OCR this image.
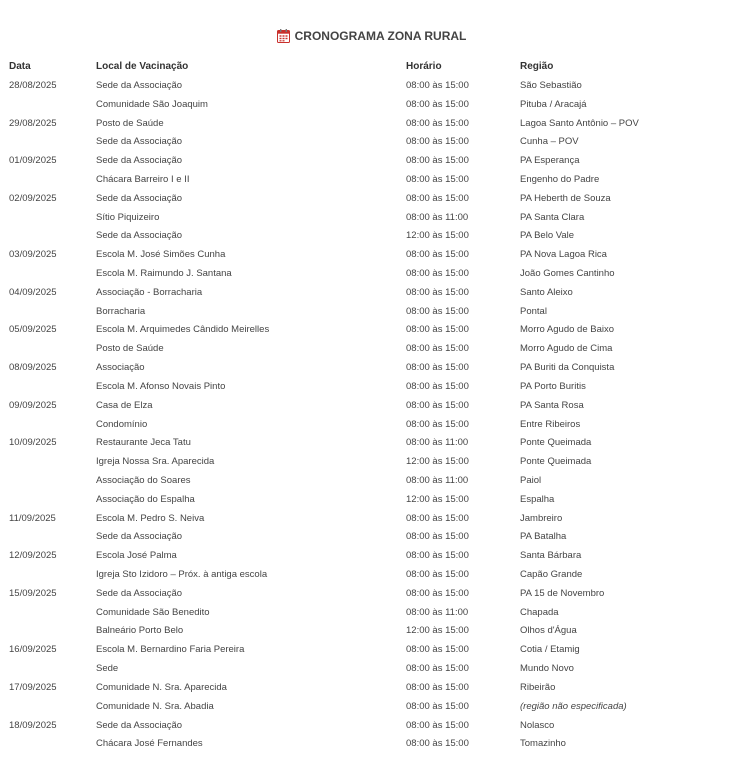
CRONOGRAMA ZONA RURAL
Data	Local de Vacinação	Horário	Região
28/08/2025	Sede da Associação	08:00 às 15:00	São Sebastião
	Comunidade São Joaquim	08:00 às 15:00	Pituba / Aracajá
29/08/2025	Posto de Saúde	08:00 às 15:00	Lagoa Santo Antônio – POV
	Sede da Associação	08:00 às 15:00	Cunha – POV
01/09/2025	Sede da Associação	08:00 às 15:00	PA Esperança
	Chácara Barreiro I e II	08:00 às 15:00	Engenho do Padre
02/09/2025	Sede da Associação	08:00 às 15:00	PA Heberth de Souza
	Sítio Piquizeiro	08:00 às 11:00	PA Santa Clara
	Sede da Associação	12:00 às 15:00	PA Belo Vale
03/09/2025	Escola M. José Simões Cunha	08:00 às 15:00	PA Nova Lagoa Rica
	Escola M. Raimundo J. Santana	08:00 às 15:00	João Gomes Cantinho
04/09/2025	Associação - Borracharia	08:00 às 15:00	Santo Aleixo
	Borracharia	08:00 às 15:00	Pontal
05/09/2025	Escola M. Arquimedes Cândido Meirelles	08:00 às 15:00	Morro Agudo de Baixo
	Posto de Saúde	08:00 às 15:00	Morro Agudo de Cima
08/09/2025	Associação	08:00 às 15:00	PA Buriti da Conquista
	Escola M. Afonso Novais Pinto	08:00 às 15:00	PA Porto Buritis
09/09/2025	Casa de Elza	08:00 às 15:00	PA Santa Rosa
	Condomínio	08:00 às 15:00	Entre Ribeiros
10/09/2025	Restaurante Jeca Tatu	08:00 às 11:00	Ponte Queimada
	Igreja Nossa Sra. Aparecida	12:00 às 15:00	Ponte Queimada
	Associação do Soares	08:00 às 11:00	Paiol
	Associação do Espalha	12:00 às 15:00	Espalha
11/09/2025	Escola M. Pedro S. Neiva	08:00 às 15:00	Jambreiro
	Sede da Associação	08:00 às 15:00	PA Batalha
12/09/2025	Escola José Palma	08:00 às 15:00	Santa Bárbara
	Igreja Sto Izidoro – Próx. à antiga escola	08:00 às 15:00	Capão Grande
15/09/2025	Sede da Associação	08:00 às 15:00	PA 15 de Novembro
	Comunidade São Benedito	08:00 às 11:00	Chapada
	Balneário Porto Belo	12:00 às 15:00	Olhos d'Água
16/09/2025	Escola M. Bernardino Faria Pereira	08:00 às 15:00	Cotia / Etamig
	Sede	08:00 às 15:00	Mundo Novo
17/09/2025	Comunidade N. Sra. Aparecida	08:00 às 15:00	Ribeirão
	Comunidade N. Sra. Abadia	08:00 às 15:00	(região não especificada)
18/09/2025	Sede da Associação	08:00 às 15:00	Nolasco
	Chácara José Fernandes	08:00 às 15:00	Tomazinho
